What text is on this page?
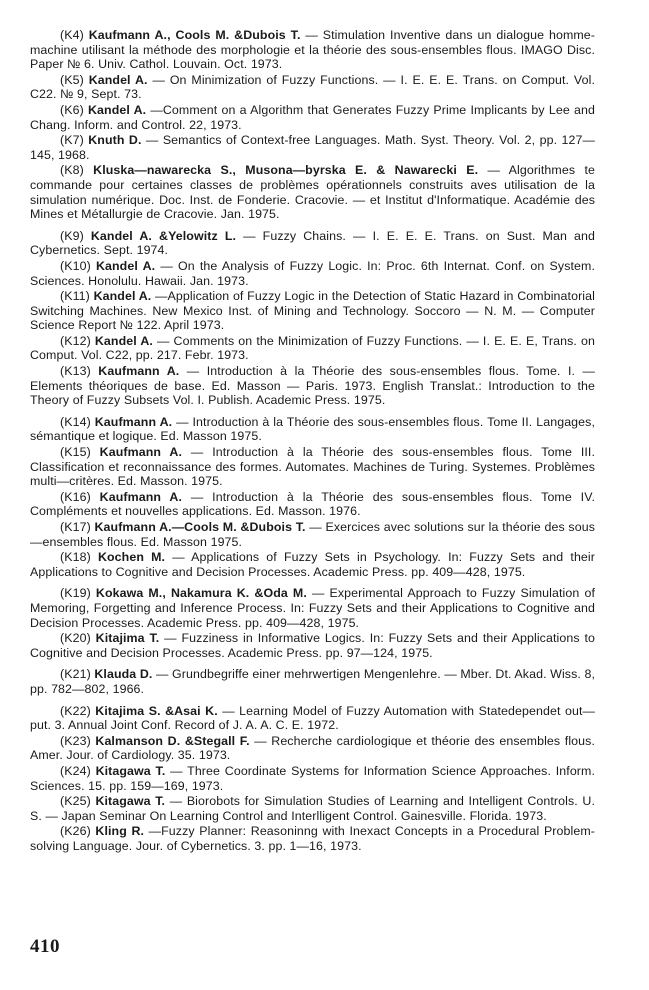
(K4) Kaufmann A., Cools M. &Dubois T. — Stimulation Inventive dans un dialogue homme-machine utilisant la méthode des morphologie et la théorie des sous-ensembles flous. IMAGO Disc. Paper № 6. Univ. Cathol. Louvain. Oct. 1973.

(K5) Kandel A. — On Minimization of Fuzzy Functions. — I. E. E. E. Trans. on Comput. Vol. C22. № 9, Sept. 73.

(K6) Kandel A. —Comment on a Algorithm that Generates Fuzzy Prime Implicants by Lee and Chang. Inform. and Control. 22, 1973.

(K7) Knuth D. — Semantics of Context-free Languages. Math. Syst. Theory. Vol. 2, pp. 127—145, 1968.

(K8) Kluska—nawarecka S., Musona—byrska E. & Nawarecki E. — Algorithmes te commande pour certaines classes de problèmes opérationnels construits aves utilisation de la simulation numérique. Doc. Inst. de Fonderie. Cracovie. — et Institut d'Informatique. Académie des Mines et Métallurgie de Cracovie. Jan. 1975.

(K9) Kandel A. &Yelowitz L. — Fuzzy Chains. — I. E. E. E. Trans. on Sust. Man and Cybernetics. Sept. 1974.

(K10) Kandel A. — On the Analysis of Fuzzy Logic. In: Proc. 6th Internat. Conf. on System. Sciences. Honolulu. Hawaii. Jan. 1973.

(K11) Kandel A. —Application of Fuzzy Logic in the Detection of Static Hazard in Combinatorial Switching Machines. New Mexico Inst. of Mining and Technology. Soccoro — N. M. — Computer Science Report № 122. April 1973.

(K12) Kandel A. — Comments on the Minimization of Fuzzy Functions. — I. E. E. E, Trans. on Comput. Vol. C22, pp. 217. Febr. 1973.

(K13) Kaufmann A. — Introduction à la Théorie des sous-ensembles flous. Tome. I. — Elements théoriques de base. Ed. Masson — Paris. 1973. English Translat.: Introduction to the Theory of Fuzzy Subsets Vol. I. Publish. Academic Press. 1975.

(K14) Kaufmann A. — Introduction à la Théorie des sous-ensembles flous. Tome II. Langages, sémantique et logique. Ed. Masson 1975.

(K15) Kaufmann A. — Introduction à la Théorie des sous-ensembles flous. Tome III. Classification et reconnaissance des formes. Automates. Machines de Turing. Systemes. Problèmes multi—critères. Ed. Masson. 1975.

(K16) Kaufmann A. — Introduction à la Théorie des sous-ensembles flous. Tome IV. Compléments et nouvelles applications. Ed. Masson. 1976.

(K17) Kaufmann A.—Cools M. &Dubois T. — Exercices avec solutions sur la théorie des sous—ensembles flous. Ed. Masson 1975.

(K18) Kochen M. — Applications of Fuzzy Sets in Psychology. In: Fuzzy Sets and their Applications to Cognitive and Decision Processes. Academic Press. pp. 409—428, 1975.

(K19) Kokawa M., Nakamura K. &Oda M. — Experimental Approach to Fuzzy Simulation of Memoring, Forgetting and Inference Process. In: Fuzzy Sets and their Applications to Cognitive and Decision Processes. Academic Press. pp. 409—428, 1975.

(K20) Kitajima T. — Fuzziness in Informative Logics. In: Fuzzy Sets and their Applications to Cognitive and Decision Processes. Academic Press. pp. 97—124, 1975.

(K21) Klauda D. — Grundbegriffe einer mehrwertigen Mengenlehre. — Mber. Dt. Akad. Wiss. 8, pp. 782—802, 1966.

(K22) Kitajima S. &Asai K. — Learning Model of Fuzzy Automation with Statedependet out—put. 3. Annual Joint Conf. Record of J. A. A. C. E. 1972.

(K23) Kalmanson D. &Stegall F. — Recherche cardiologique et théorie des ensembles flous. Amer. Jour. of Cardiology. 35. 1973.

(K24) Kitagawa T. — Three Coordinate Systems for Information Science Approaches. Inform. Sciences. 15. pp. 159—169, 1973.

(K25) Kitagawa T. — Biorobots for Simulation Studies of Learning and Intelligent Controls. U. S. — Japan Seminar On Learning Control and Interlligent Control. Gainesville. Florida. 1973.

(K26) Kling R. —Fuzzy Planner: Reasoninng with Inexact Concepts in a Procedural Problem-solving Language. Jour. of Cybernetics. 3. pp. 1—16, 1973.

410
